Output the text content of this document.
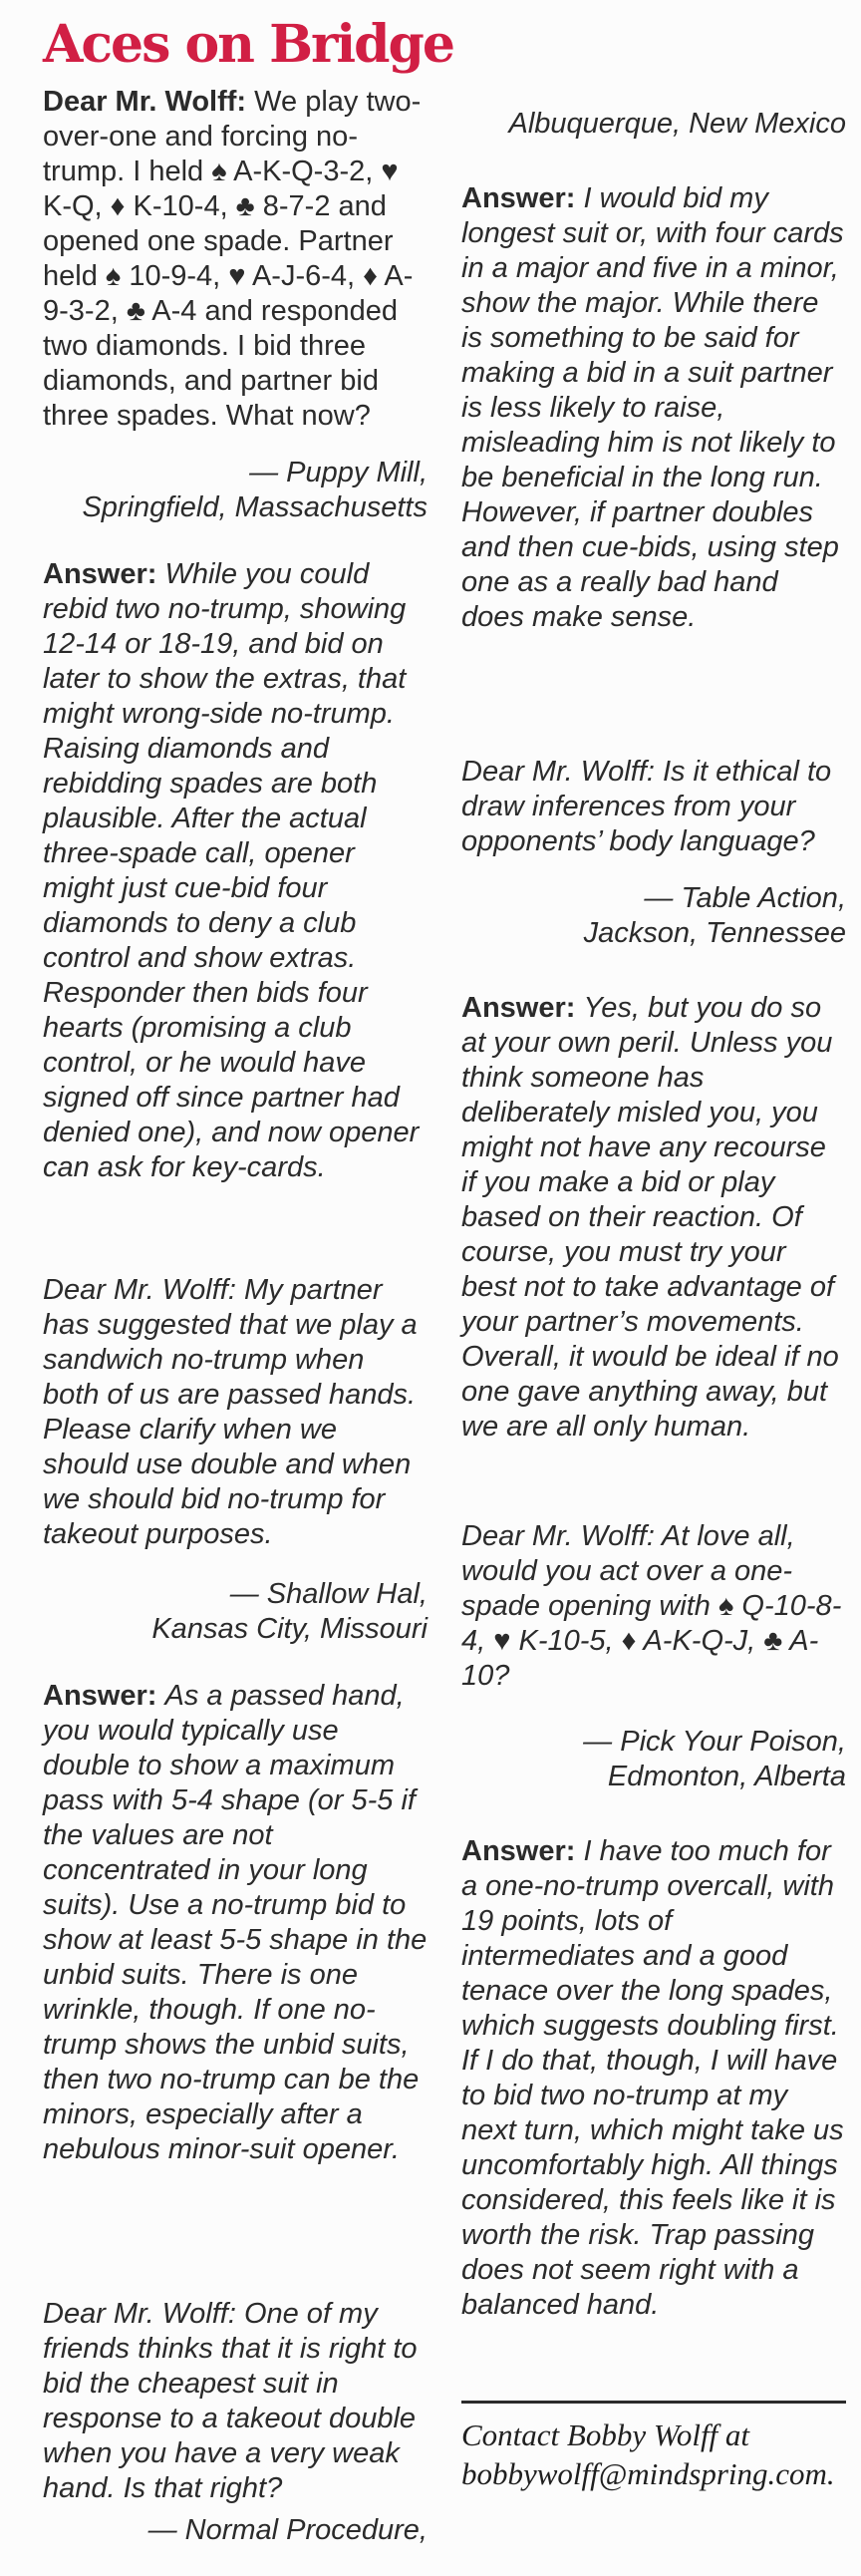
Aces on Bridge

Dear Mr. Wolff: We play two-over-one and forcing no-trump. I held ♠ A-K-Q-3-2, ♥ K-Q, ♦ K-10-4, ♣ 8-7-2 and opened one spade. Partner held ♠ 10-9-4, ♥ A-J-6-4, ♦ A-9-3-2, ♣ A-4 and responded two diamonds. I bid three diamonds, and partner bid three spades. What now?

— Puppy Mill,
Springfield, Massachusetts

Answer: While you could rebid two no-trump, showing 12-14 or 18-19, and bid on later to show the extras, that might wrong-side no-trump. Raising diamonds and rebidding spades are both plausible. After the actual three-spade call, opener might just cue-bid four diamonds to deny a club control and show extras. Responder then bids four hearts (promising a club control, or he would have signed off since partner had denied one), and now opener can ask for key-cards.

Dear Mr. Wolff: My partner has suggested that we play a sandwich no-trump when both of us are passed hands. Please clarify when we should use double and when we should bid no-trump for takeout purposes.

— Shallow Hal,
Kansas City, Missouri

Answer: As a passed hand, you would typically use double to show a maximum pass with 5-4 shape (or 5-5 if the values are not concentrated in your long suits). Use a no-trump bid to show at least 5-5 shape in the unbid suits. There is one wrinkle, though. If one no-trump shows the unbid suits, then two no-trump can be the minors, especially after a nebulous minor-suit opener.

Dear Mr. Wolff: One of my friends thinks that it is right to bid the cheapest suit in response to a takeout double when you have a very weak hand. Is that right?

— Normal Procedure,

Albuquerque, New Mexico

Answer: I would bid my longest suit or, with four cards in a major and five in a minor, show the major. While there is something to be said for making a bid in a suit partner is less likely to raise, misleading him is not likely to be beneficial in the long run. However, if partner doubles and then cue-bids, using step one as a really bad hand does make sense.

Dear Mr. Wolff: Is it ethical to draw inferences from your opponents’ body language?

— Table Action,
Jackson, Tennessee

Answer: Yes, but you do so at your own peril. Unless you think someone has deliberately misled you, you might not have any recourse if you make a bid or play based on their reaction. Of course, you must try your best not to take advantage of your partner’s movements. Overall, it would be ideal if no one gave anything away, but we are all only human.

Dear Mr. Wolff: At love all, would you act over a one-spade opening with ♠ Q-10-8-4, ♥ K-10-5, ♦ A-K-Q-J, ♣ A-10?

— Pick Your Poison,
Edmonton, Alberta

Answer: I have too much for a one-no-trump overcall, with 19 points, lots of intermediates and a good tenace over the long spades, which suggests doubling first. If I do that, though, I will have to bid two no-trump at my next turn, which might take us uncomfortably high. All things considered, this feels like it is worth the risk. Trap passing does not seem right with a balanced hand.

Contact Bobby Wolff at bobbywolff@mindspring.com.
